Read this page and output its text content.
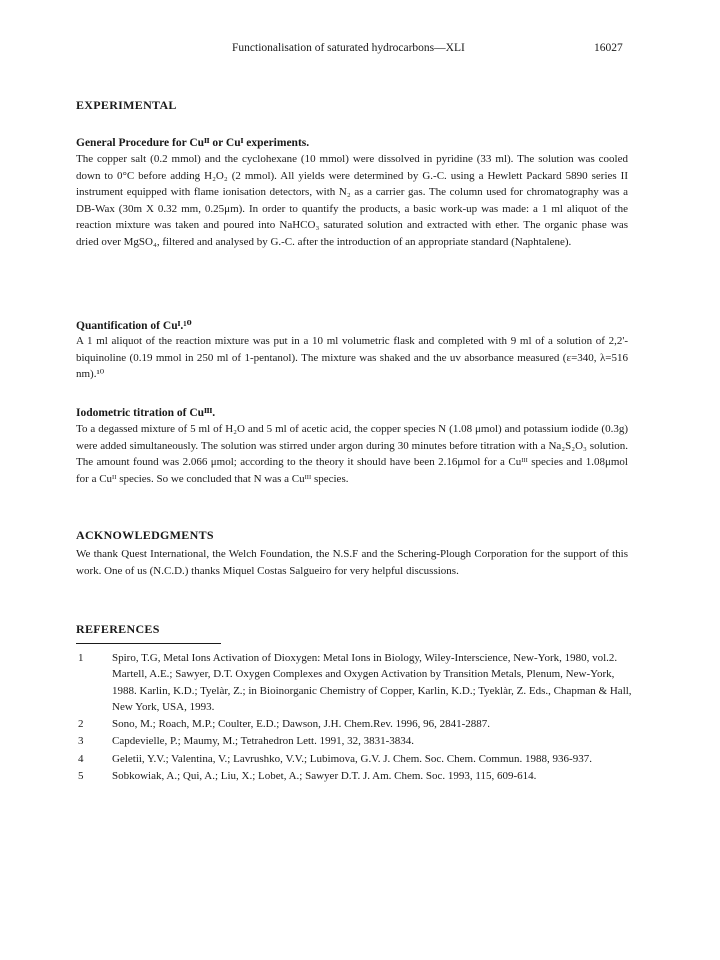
Functionalisation of saturated hydrocarbons—XLI	16027
EXPERIMENTAL
General Procedure for Cuᴵᴵ or Cuᴵ experiments.
The copper salt (0.2 mmol) and the cyclohexane (10 mmol) were dissolved in pyridine (33 ml). The solution was cooled down to 0°C before adding H₂O₂ (2 mmol). All yields were determined by G.-C. using a Hewlett Packard 5890 series II instrument equipped with flame ionisation detectors, with N₂ as a carrier gas. The column used for chromatography was a DB-Wax (30m X 0.32 mm, 0.25μm). In order to quantify the products, a basic work-up was made: a 1 ml aliquot of the reaction mixture was taken and poured into NaHCO₃ saturated solution and extracted with ether. The organic phase was dried over MgSO₄, filtered and analysed by G.-C. after the introduction of an appropriate standard (Naphtalene).
Quantification of Cuᴵ.¹⁰
A 1 ml aliquot of the reaction mixture was put in a 10 ml volumetric flask and completed with 9 ml of a solution of 2,2'-biquinoline (0.19 mmol in 250 ml of 1-pentanol). The mixture was shaked and the uv absorbance measured (ε=340, λ=516 nm).¹⁰
Iodometric titration of Cuᴵᴵᴵ.
To a degassed mixture of 5 ml of H₂O and 5 ml of acetic acid, the copper species N (1.08 μmol) and potassium iodide (0.3g) were added simultaneously. The solution was stirred under argon during 30 minutes before titration with a Na₂S₂O₃ solution. The amount found was 2.066 μmol; according to the theory it should have been 2.16μmol for a Cuᴵᴵᴵ species and 1.08μmol for a Cuᴵᴵ species. So we concluded that N was a Cuᴵᴵᴵ species.
ACKNOWLEDGMENTS
We thank Quest International, the Welch Foundation, the N.S.F and the Schering-Plough Corporation for the support of this work. One of us (N.C.D.) thanks Miquel Costas Salgueiro for very helpful discussions.
REFERENCES
1	Spiro, T.G, Metal Ions Activation of Dioxygen: Metal Ions in Biology, Wiley-Interscience, New-York, 1980, vol.2. Martell, A.E.; Sawyer, D.T. Oxygen Complexes and Oxygen Activation by Transition Metals, Plenum, New-York, 1988. Karlin, K.D.; Tyelàr, Z.; in Bioinorganic Chemistry of Copper, Karlin, K.D.; Tyeklàr, Z. Eds., Chapman & Hall, New York, USA, 1993.
2	Sono, M.; Roach, M.P.; Coulter, E.D.; Dawson, J.H. Chem.Rev. 1996, 96, 2841-2887.
3	Capdevielle, P.; Maumy, M.; Tetrahedron Lett. 1991, 32, 3831-3834.
4	Geletii, Y.V.; Valentina, V.; Lavrushko, V.V.; Lubimova, G.V. J. Chem. Soc. Chem. Commun. 1988, 936-937.
5	Sobkowiak, A.; Qui, A.; Liu, X.; Lobet, A.; Sawyer D.T. J. Am. Chem. Soc. 1993, 115, 609-614.
